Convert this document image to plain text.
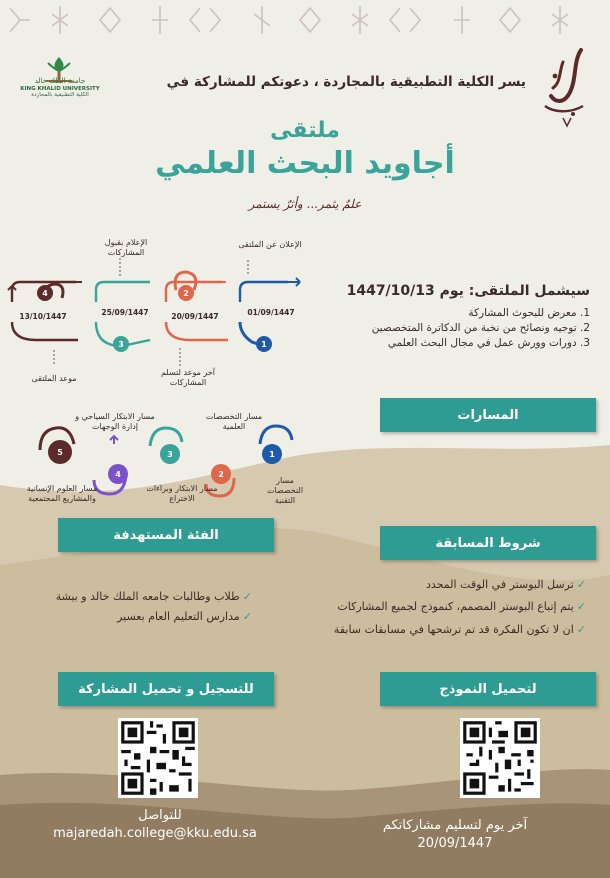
جامعة الملك خالد
KING KHALID UNIVERSITY
الكلية التطبيقية بالمجاردة
يسر الكلية التطبيقية بالمجاردة ، دعوتكم للمشاركة في
ملتقى
أجاويد البحث العلمي
علمٌ يثمر... وأثرٌ يستمر
1
2
3
4
01/09/1447
20/09/1447
25/09/1447
13/10/1447
الإعلان عن الملتقى
آخر موعد لتسلم المشاركات
الإعلام بقبول المشاركات
موعد الملتقى
سيشمل الملتقى: يوم 1447/10/13
1. معرض للبحوث المشاركة
2. توجيه ونصائح من نخبة من الدكاترة المتخصصين
3. دورات وورش عمل في مجال البحث العلمي
المسارات
1
2
3
4
5
مسار التخصصات التقنية
مسار التخصصات العلمية
مسار الابتكار وبراءات الاختراع
مسار الابتكار السياحي و إدارة الوجهات
مسار العلوم الإنسانية والمشاريع المجتمعية
الفئة المستهدفة
✓طلاب وطالبات جامعه الملك خالد و بيشة
✓مدارس التعليم العام بعسير
شروط المسابقة
✓ترسل البوستر في الوقت المحدد
✓يتم إتباع البوستر المصمم، كنموذج لجميع المشاركات
✓ان لا تكون الفكرة قد تم ترشحها في مسابقات سابقة
للتسجيل و تحميل المشاركة	لتحميل النموذج
للتواصل
majaredah.college@kku.edu.sa
آخر يوم لتسليم مشاركاتكم
20/09/1447
